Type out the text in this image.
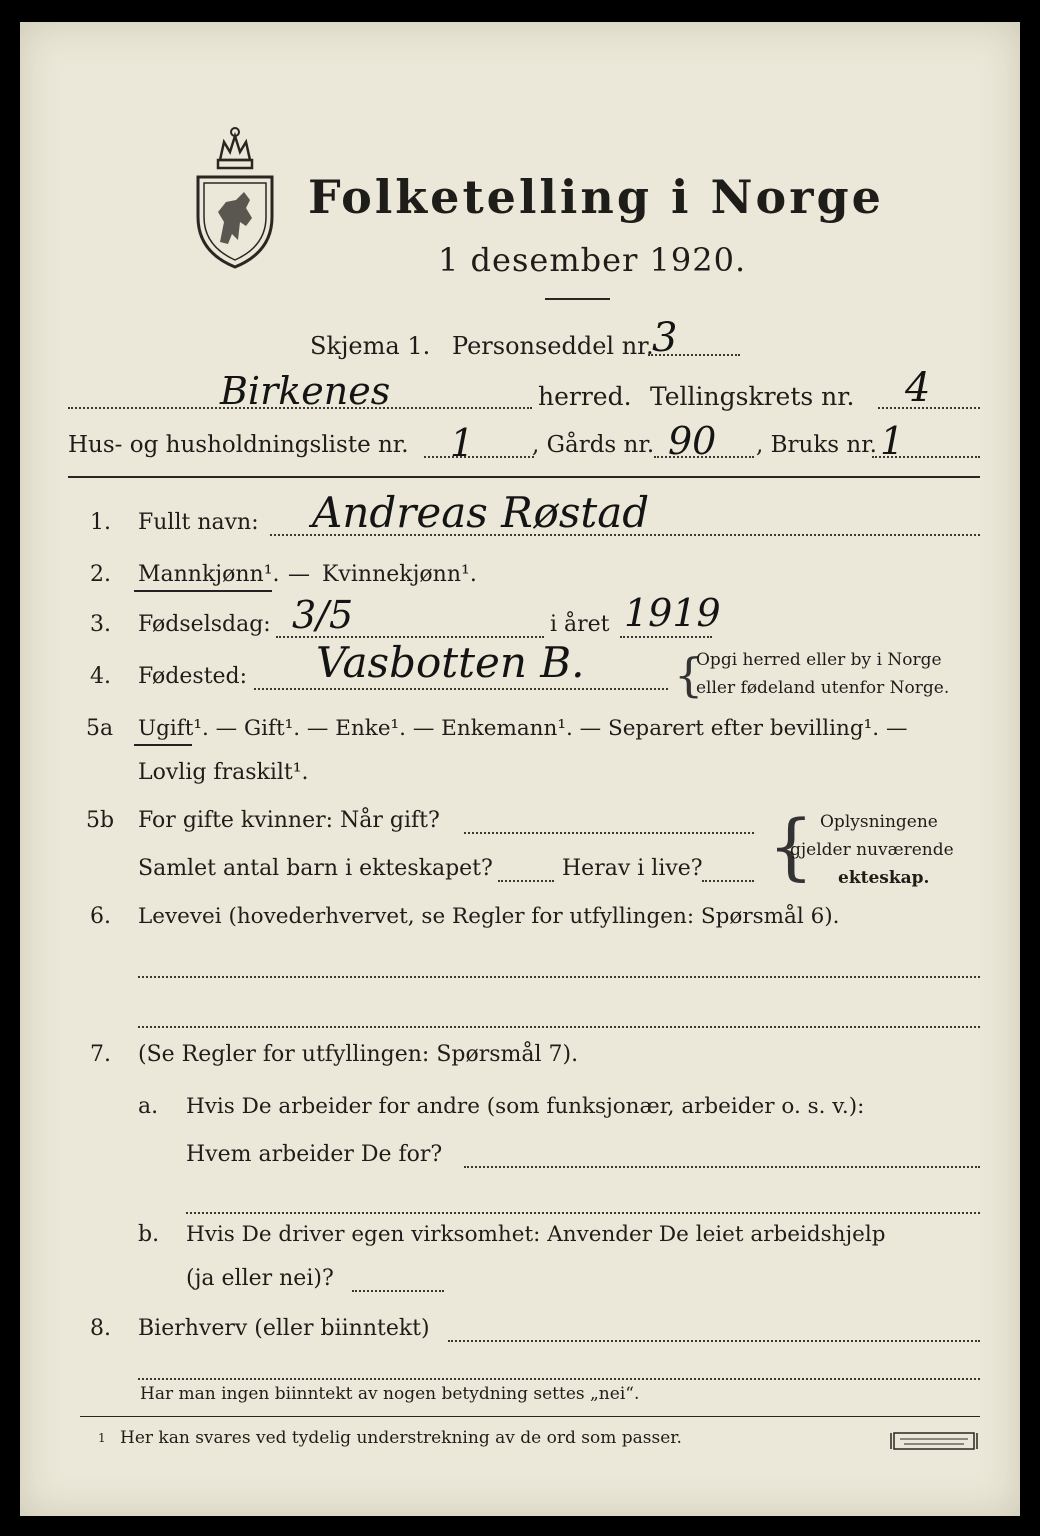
Folketelling i Norge
1 desember 1920.
Skjema 1. Personseddel nr.
3
Birkenes	herred. Tellingskrets nr. 4
Hus- og husholdningsliste nr. 1	, Gårds nr. 90 , Bruks nr. 1
1. Fullt navn: Andreas Røstad
2. Mannkjønn¹. — Kvinnekjønn¹.
3. Fødselsdag: 3/5	i året 1919
4. Fødested: Vasbotten B. {
Opgi herred eller by i Norge
eller fødeland utenfor Norge.
5a Ugift¹. — Gift¹. — Enke¹. — Enkemann¹. — Separert efter bevilling¹. —
Lovlig fraskilt¹.
5b For gifte kvinner: Når gift?
Samlet antal barn i ekteskapet?	Herav i live? { Oplysningene
gjelder nuværende
ekteskap.
6. Levevei (hovederhvervet, se Regler for utfyllingen: Spørsmål 6).
7. (Se Regler for utfyllingen: Spørsmål 7).
a. Hvis De arbeider for andre (som funksjonær, arbeider o. s. v.):
Hvem arbeider De for?
b. Hvis De driver egen virksomhet: Anvender De leiet arbeidshjelp
(ja eller nei)?
8. Bierhverv (eller biinntekt)
Har man ingen biinntekt av nogen betydning settes „nei“.
1 Her kan svares ved tydelig understrekning av de ord som passer.
